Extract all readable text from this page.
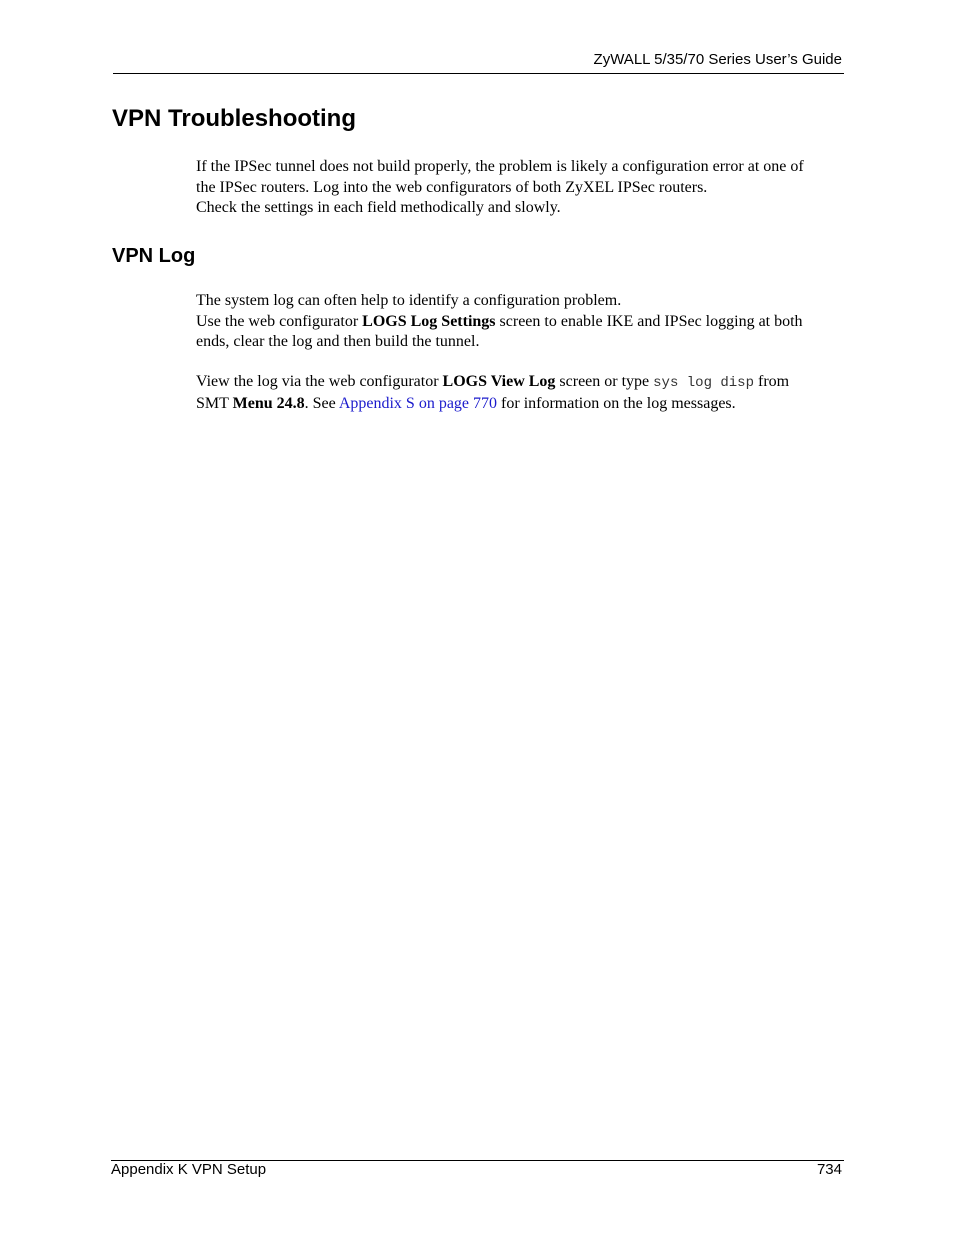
ZyWALL 5/35/70 Series User’s Guide
VPN Troubleshooting
If the IPSec tunnel does not build properly, the problem is likely a configuration error at one of
the IPSec routers. Log into the web configurators of both ZyXEL IPSec routers.
Check the settings in each field methodically and slowly.
VPN Log
The system log can often help to identify a configuration problem.
Use the web configurator LOGS Log Settings screen to enable IKE and IPSec logging at both
ends, clear the log and then build the tunnel.
View the log via the web configurator LOGS View Log screen or type sys log disp from
SMT Menu 24.8. See Appendix S on page 770 for information on the log messages.
Appendix K VPN Setup	734
